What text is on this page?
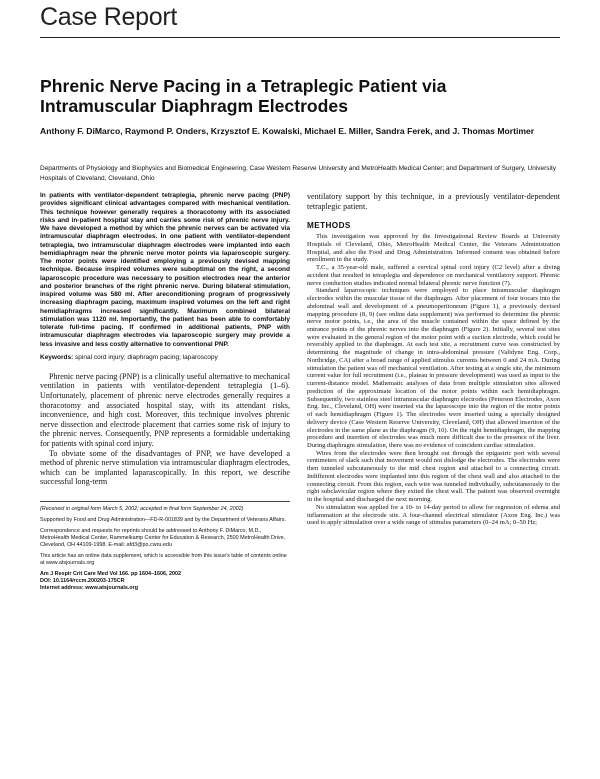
Case Report
Phrenic Nerve Pacing in a Tetraplegic Patient via Intramuscular Diaphragm Electrodes

Anthony F. DiMarco, Raymond P. Onders, Krzysztof E. Kowalski, Michael E. Miller, Sandra Ferek, and J. Thomas Mortimer

Departments of Physiology and Biophysics and Biomedical Engineering, Case Western Reserve University and MetroHealth Medical Center; and Department of Surgery, University Hospitals of Cleveland, Cleveland, Ohio

In patients with ventilator-dependent tetraplegia, phrenic nerve pacing (PNP) provides significant clinical advantages compared with mechanical ventilation. This technique however generally requires a thoracotomy with its associated risks and in-patient hospital stay and carries some risk of phrenic nerve injury. We have developed a method by which the phrenic nerves can be activated via intramuscular diaphragm electrodes. In one patient with ventilator-dependent tetraplegia, two intramuscular diaphragm electrodes were implanted into each hemidiaphragm near the phrenic nerve motor points via laparoscopic surgery. The motor points were identified employing a previously devised mapping technique. Because inspired volumes were suboptimal on the right, a second laparoscopic procedure was necessary to position electrodes near the anterior and posterior branches of the right phrenic nerve. During bilateral stimulation, inspired volume was 580 ml. After areconditioning program of progressively increasing diaphragm pacing, maximum inspired volumes on the left and right hemidiaphragms increased significantly. Maximum combined bilateral stimulation was 1120 ml. Importantly, the patient has been able to comfortably tolerate full-time pacing. If confirmed in additional patients, PNP with intramuscular diaphragm electrodes via laparoscopic surgery may provide a less invasive and less costly alternative to conventional PNP.

Keywords: spinal cord injury; diaphragm pacing; laparoscopy

Phrenic nerve pacing (PNP) is a clinically useful alternative to mechanical ventilation in patients with ventilator-dependent tetraplegia (1–6). Unfortunately, placement of phrenic nerve electrodes generally requires a thoracotomy and associated hospital stay, with its attendant risks, inconvenience, and high cost. Moreover, this technique involves phrenic nerve dissection and electrode placement that carries some risk of injury to the phrenic nerves. Consequently, PNP represents a formidable undertaking for patients with spinal cord injury.

To obviate some of the disadvantages of PNP, we have developed a method of phrenic nerve stimulation via intramuscular diaphragm electrodes, which can be implanted laparascopically. In this report, we describe successful long-term

(Received in original form March 5, 2002; accepted in final form September 24, 2002)

Supported by Food and Drug Administration—FD-R-001839 and by the Department of Veterans Affairs.

Correspondence and requests for reprints should be addressed to Anthony F. DiMarco, M.D., MetroHealth Medical Center, Rammelkamp Center for Education & Research, 2500 MetroHealth Drive, Cleveland, OH 44109-1998. E-mail: afd3@po.cwru.edu

This article has an online data supplement, which is accessible from this issue's table of contents online at www.atsjournals.org

Am J Respir Crit Care Med Vol 166. pp 1604–1606, 2002

DOI: 10.1164/rccm.200203-175CR

Internet address: www.atsjournals.org

ventilatory support by this technique, in a previously ventilator-dependent tetraplegic patient.

METHODS

This investigation was approved by the Investigational Review Boards at University Hospitals of Cleveland, Ohio, MetroHealth Medical Center, the Veterans Administration Hospital, and also the Food and Drug Administration. Informed consent was obtained before enrollment in the study.

T.C., a 35-year-old male, suffered a cervical spinal cord injury (C2 level) after a diving accident that resulted in tetraplegia and dependence on mechanical ventilatory support. Phrenic nerve conduction studies indicated normal bilateral phrenic nerve function (7).

Standard laparoscopic techniques were employed to place intramuscular diaphragm electrodes within the muscular tissue of the diaphragm. After placement of four trocars into the abdominal wall and development of a pneumoperitoneum (Figure 1), a previously devised mapping procedure (8, 9) (see online data supplement) was performed to determine the phrenic nerve motor points, i.e., the area of the muscle contained within the space defined by the entrance points of the phrenic nerves into the diaphragm (Figure 2). Initially, several test sites were evaluated in the general region of the motor point with a suction electrode, which could be reversibly applied to the diaphragm. At each test site, a recruitment curve was constructed by determining the magnitude of change in intra-abdominal pressure (Validyne Eng. Corp., Northridge, CA) after a broad range of applied stimulus currents between 0 and 24 mA. During stimulation the patient was off mechanical ventilation. After testing at a single site, the minimum current value for full recruitment (i.e., plateau in pressure development) was used as input to the current-distance model. Mathematic analyses of data from multiple stimulation sites allowed prediction of the approximate location of the motor points within each hemidiaphragm. Subsequently, two stainless steel intramuscular diaphragm electrodes (Peterson Electrodes, Axon Eng. Inc., Cleveland, OH) were inserted via the laparoscope into the region of the motor points of each hemidiaphragm (Figure 1). The electrodes were inserted using a specially designed delivery device (Case Western Reserve University, Cleveland, OH) that allowed insertion of the electrodes in the same plane as the diaphragm (9, 10). On the right hemidiaphragm, the mapping procedure and insertion of electrodes was much more difficult due to the presence of the liver. During diaphragm stimulation, there was no evidence of coincident cardiac stimulation.

Wires from the electrodes were then brought out through the epigastric port with several centimeters of slack such that movement would not dislodge the electrodes. The electrodes were then tunneled subcutaneously to the mid chest region and attached to a connecting circuit. Indifferent electrodes were implanted into this region of the chest wall and also attached to the connecting circuit. From this region, each wire was tunneled individually, subcutaneously to the right subclavicular region where they exited the chest wall. The patient was observed overnight in the hospital and discharged the next morning.

No stimulation was applied for a 10- to 14-day period to allow for regression of edema and inflammation at the electrode site. A four-channel electrical stimulator (Axon Eng. Inc.) was used to apply stimulation over a wide range of stimulus parameters (0–24 mA; 0–50 Hz;
